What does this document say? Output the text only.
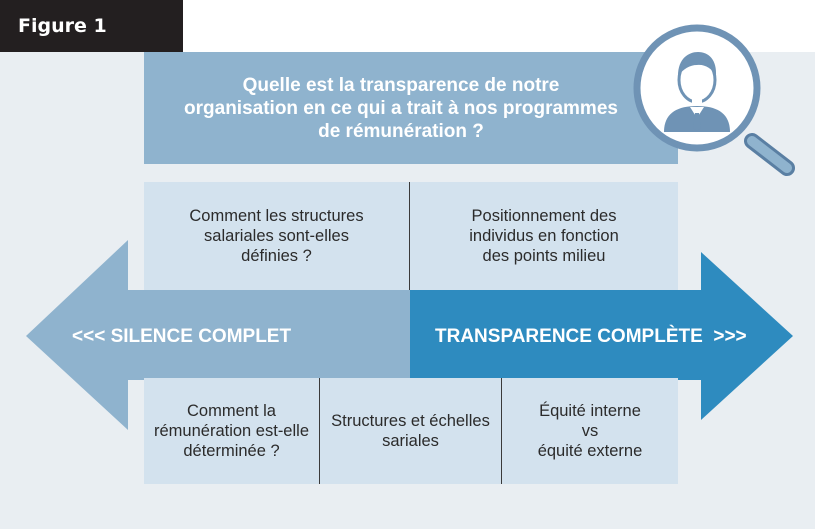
Figure 1
Quelle est la transparence de notre
organisation en ce qui a trait à nos programmes
de rémunération ?
Comment les structures
salariales sont-elles
définies ?
Positionnement des
individus en fonction
des points milieu
<<< SILENCE COMPLET	TRANSPARENCE COMPLÈTE >>>
Comment la
rémunération est-elle
déterminée ?
Structures et échelles
sariales
Équité interne
vs
équité externe
